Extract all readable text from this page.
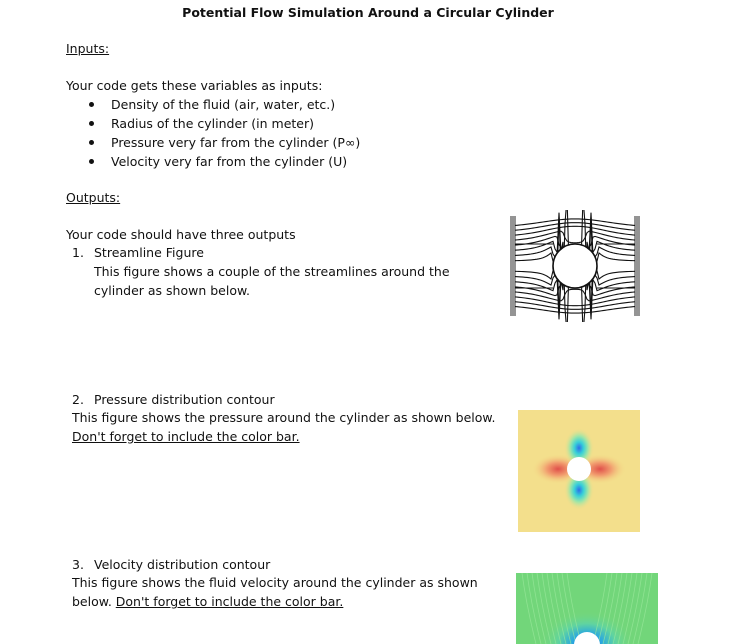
Potential Flow Simulation Around a Circular Cylinder
Inputs:
Your code gets these variables as inputs:
Density of the fluid (air, water, etc.)
Radius of the cylinder (in meter)
Pressure very far from the cylinder (P∞)
Velocity very far from the cylinder (U)
Outputs:
Your code should have three outputs
1. Streamline Figure
This figure shows a couple of the streamlines around the
cylinder as shown below.
2. Pressure distribution contour
This figure shows the pressure around the cylinder as shown below.
Don't forget to include the color bar.
3. Velocity distribution contour
This figure shows the fluid velocity around the cylinder as shown
below. Don't forget to include the color bar.
